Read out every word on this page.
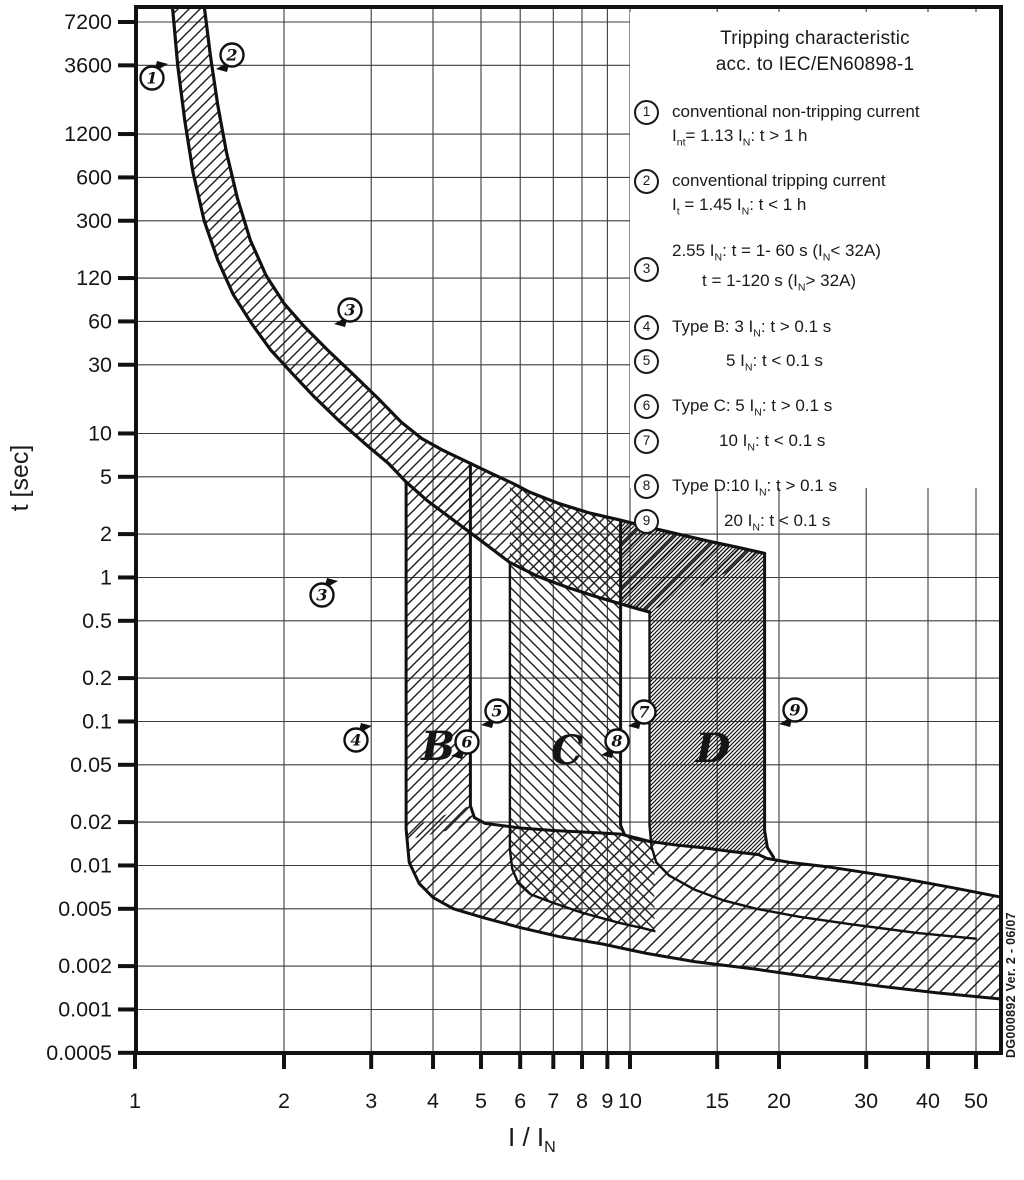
7200
3600
1200
600
300
120
60
30
10
5
2
1
0.5
0.2
0.1
0.05
0.02
0.01
0.005
0.002
0.001
0.0005
1	2	3 4 5 6 7 8 9 10	15 20	30 40 50
B C	D
1
2
3
3
4
5
6
7
8
9
t [sec]
I / $I_N$
Tripping characteristic
acc. to IEC/EN60898-1
1	conventional non-tripping current
$I_{nt}= 1.13$ $I_N$: t > 1 h
2	conventional tripping current
$I_t = 1.45$ $I_N$: t < 1 h
3
2.55 $I_N$: t = 1- 60 s $(I_N< 32A)$
t = 1-120 s $(I_N> 32A)$
4	Type B: 3 $I_N$: t > 0.1 s
5	5 $I_N$: t < 0.1 s
6	Type C: 5 $I_N$: t > 0.1 s
7	10 $I_N$: t < 0.1 s
8	Type D:10 $I_N$: t > 0.1 s
9	20 $I_N$: t < 0.1 s
DG000892 Ver. 2 - 06/07
